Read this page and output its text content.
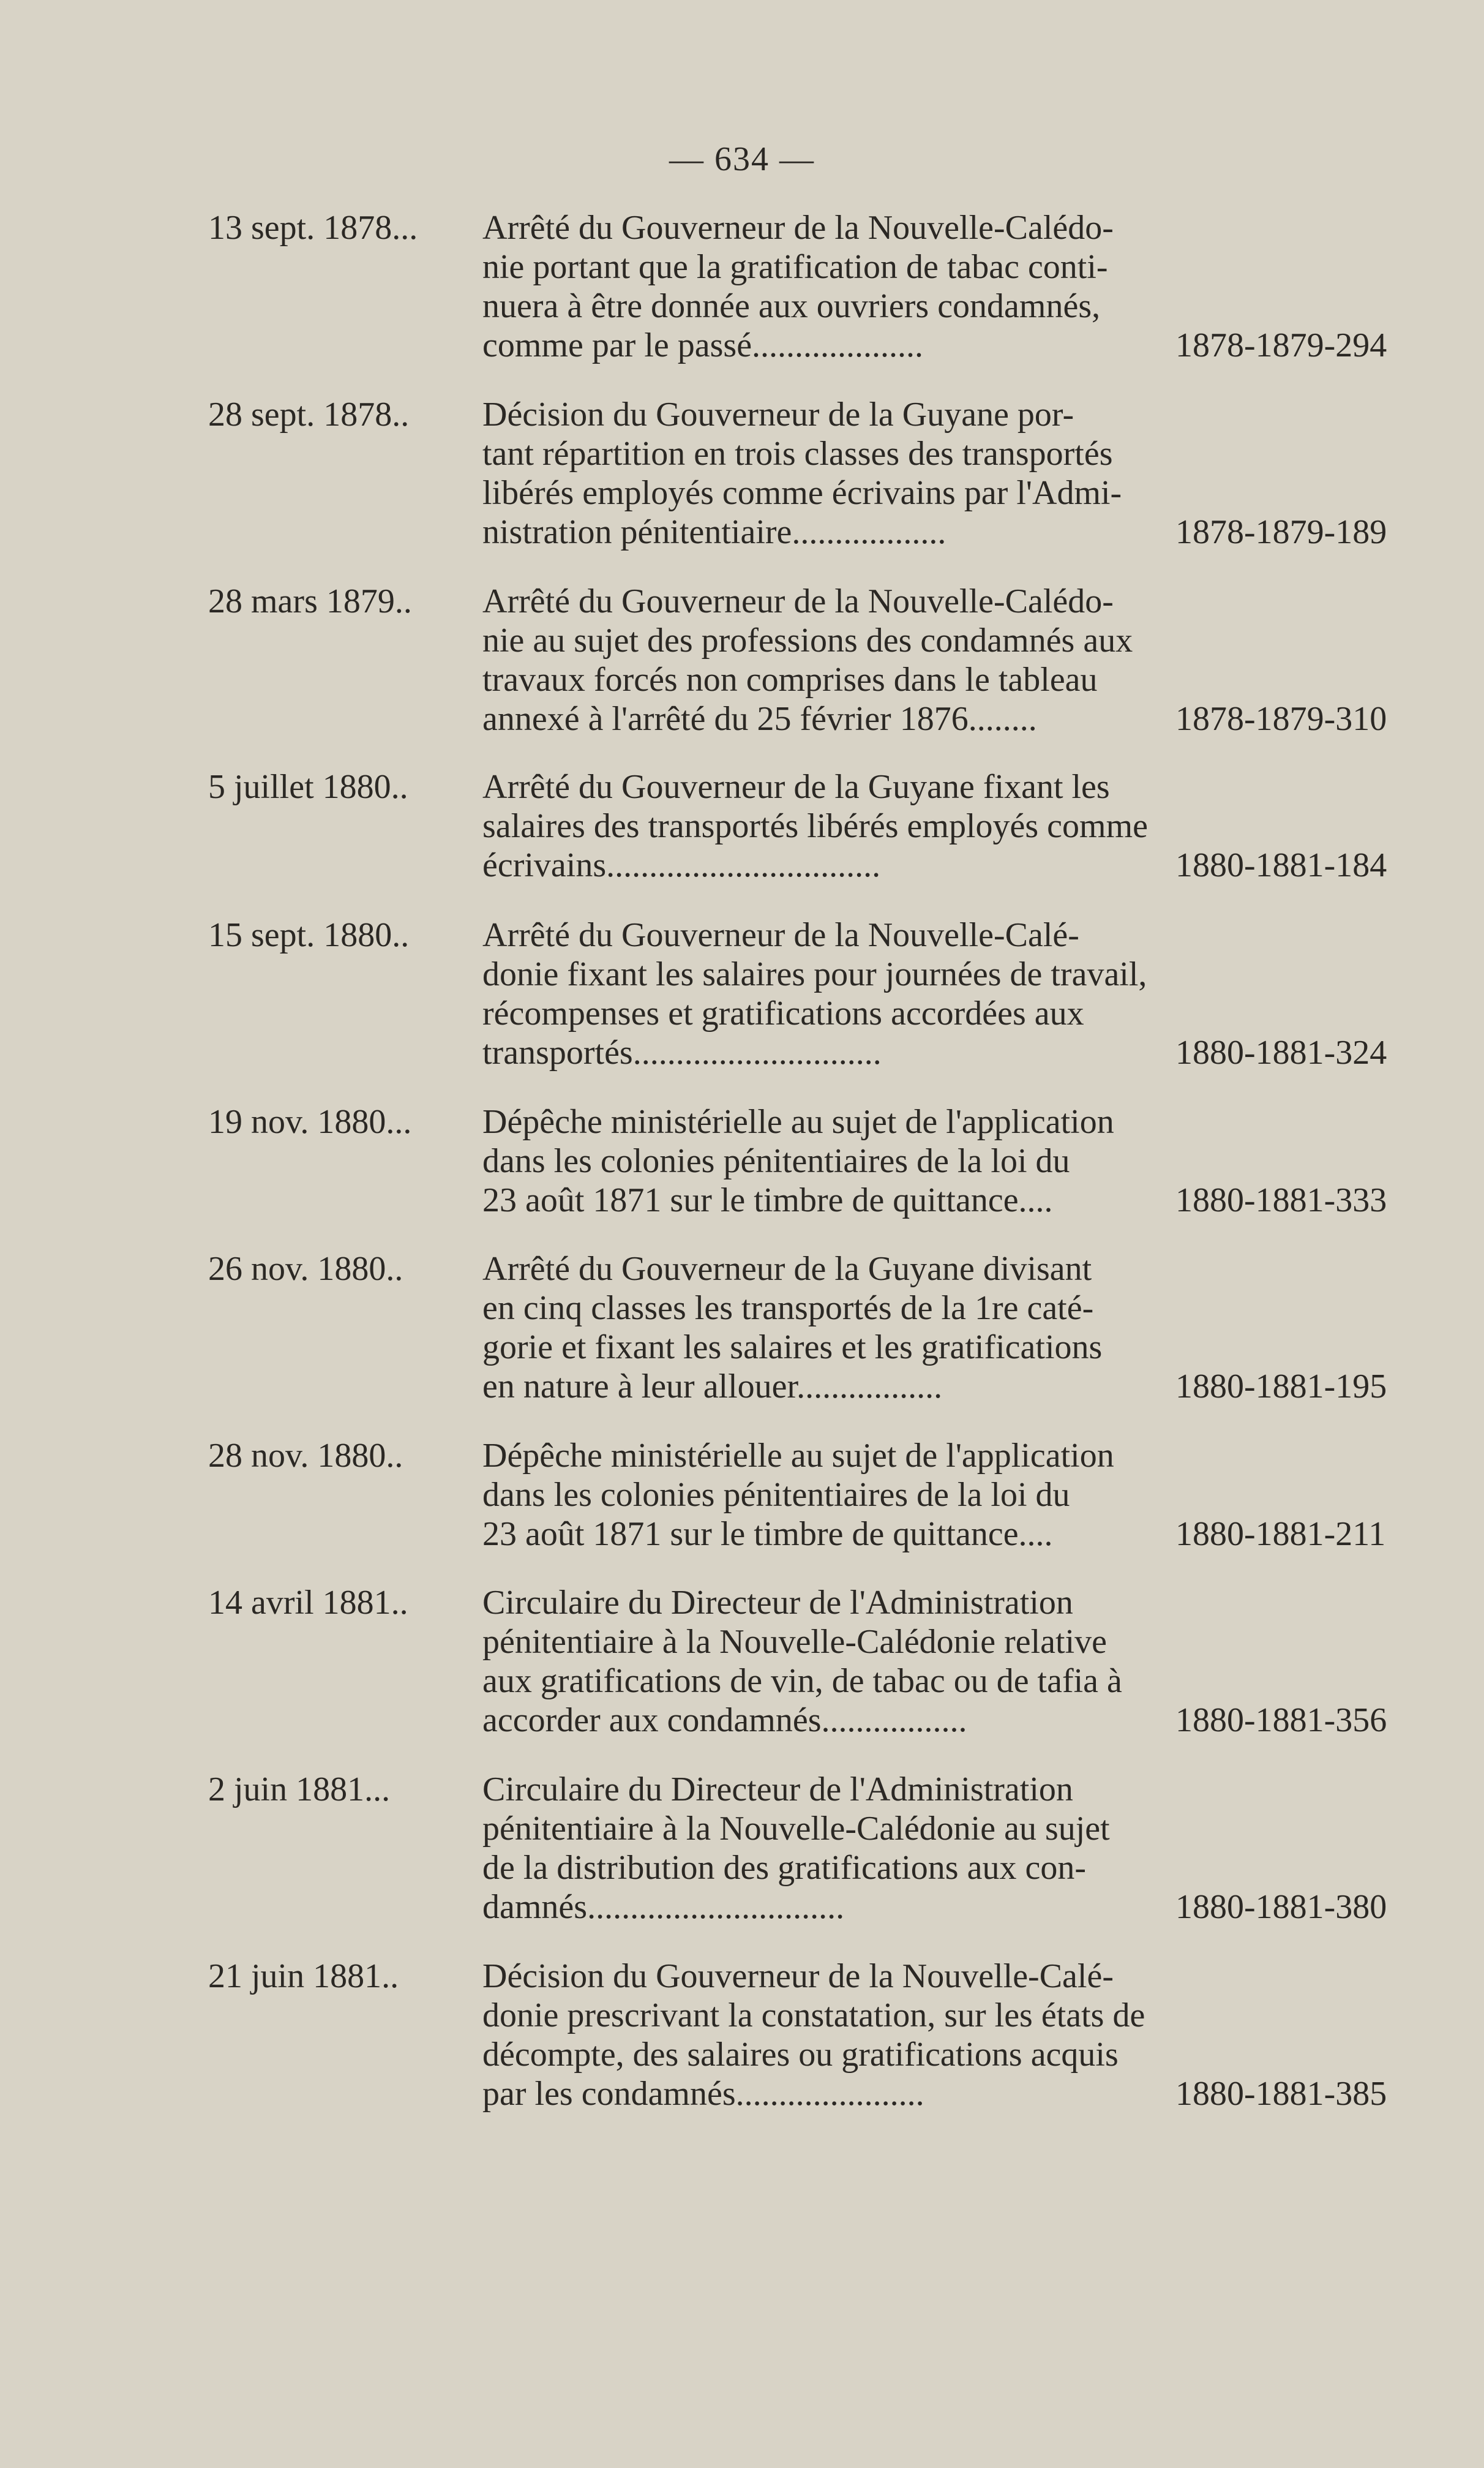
— 634 —
13 sept. 1878...	Arrêté du Gouverneur de la Nouvelle-Calédo-
nie portant que la gratification de tabac conti-
nuera à être donnée aux ouvriers condamnés,
comme par le passé....................	1878-1879-294
28 sept. 1878..	Décision du Gouverneur de la Guyane por-
tant répartition en trois classes des transportés
libérés employés comme écrivains par l'Admi-
nistration pénitentiaire..................	1878-1879-189
28 mars 1879..	Arrêté du Gouverneur de la Nouvelle-Calédo-
nie au sujet des professions des condamnés aux
travaux forcés non comprises dans le tableau
annexé à l'arrêté du 25 février 1876........	1878-1879-310
5 juillet 1880..	Arrêté du Gouverneur de la Guyane fixant les
salaires des transportés libérés employés comme
écrivains................................	1880-1881-184
15 sept. 1880..	Arrêté du Gouverneur de la Nouvelle-Calé-
donie fixant les salaires pour journées de travail,
récompenses et gratifications accordées aux
transportés.............................	1880-1881-324
19 nov. 1880...	Dépêche ministérielle au sujet de l'application
dans les colonies pénitentiaires de la loi du
23 août 1871 sur le timbre de quittance....	1880-1881-333
26 nov. 1880..	Arrêté du Gouverneur de la Guyane divisant
en cinq classes les transportés de la 1re caté-
gorie et fixant les salaires et les gratifications
en nature à leur allouer.................	1880-1881-195
28 nov. 1880..	Dépêche ministérielle au sujet de l'application
dans les colonies pénitentiaires de la loi du
23 août 1871 sur le timbre de quittance....	1880-1881-211
14 avril 1881..	Circulaire du Directeur de l'Administration
pénitentiaire à la Nouvelle-Calédonie relative
aux gratifications de vin, de tabac ou de tafia à
accorder aux condamnés.................	1880-1881-356
2 juin 1881...	Circulaire du Directeur de l'Administration
pénitentiaire à la Nouvelle-Calédonie au sujet
de la distribution des gratifications aux con-
damnés..............................	1880-1881-380
21 juin 1881..	Décision du Gouverneur de la Nouvelle-Calé-
donie prescrivant la constatation, sur les états de
décompte, des salaires ou gratifications acquis
par les condamnés......................	1880-1881-385
